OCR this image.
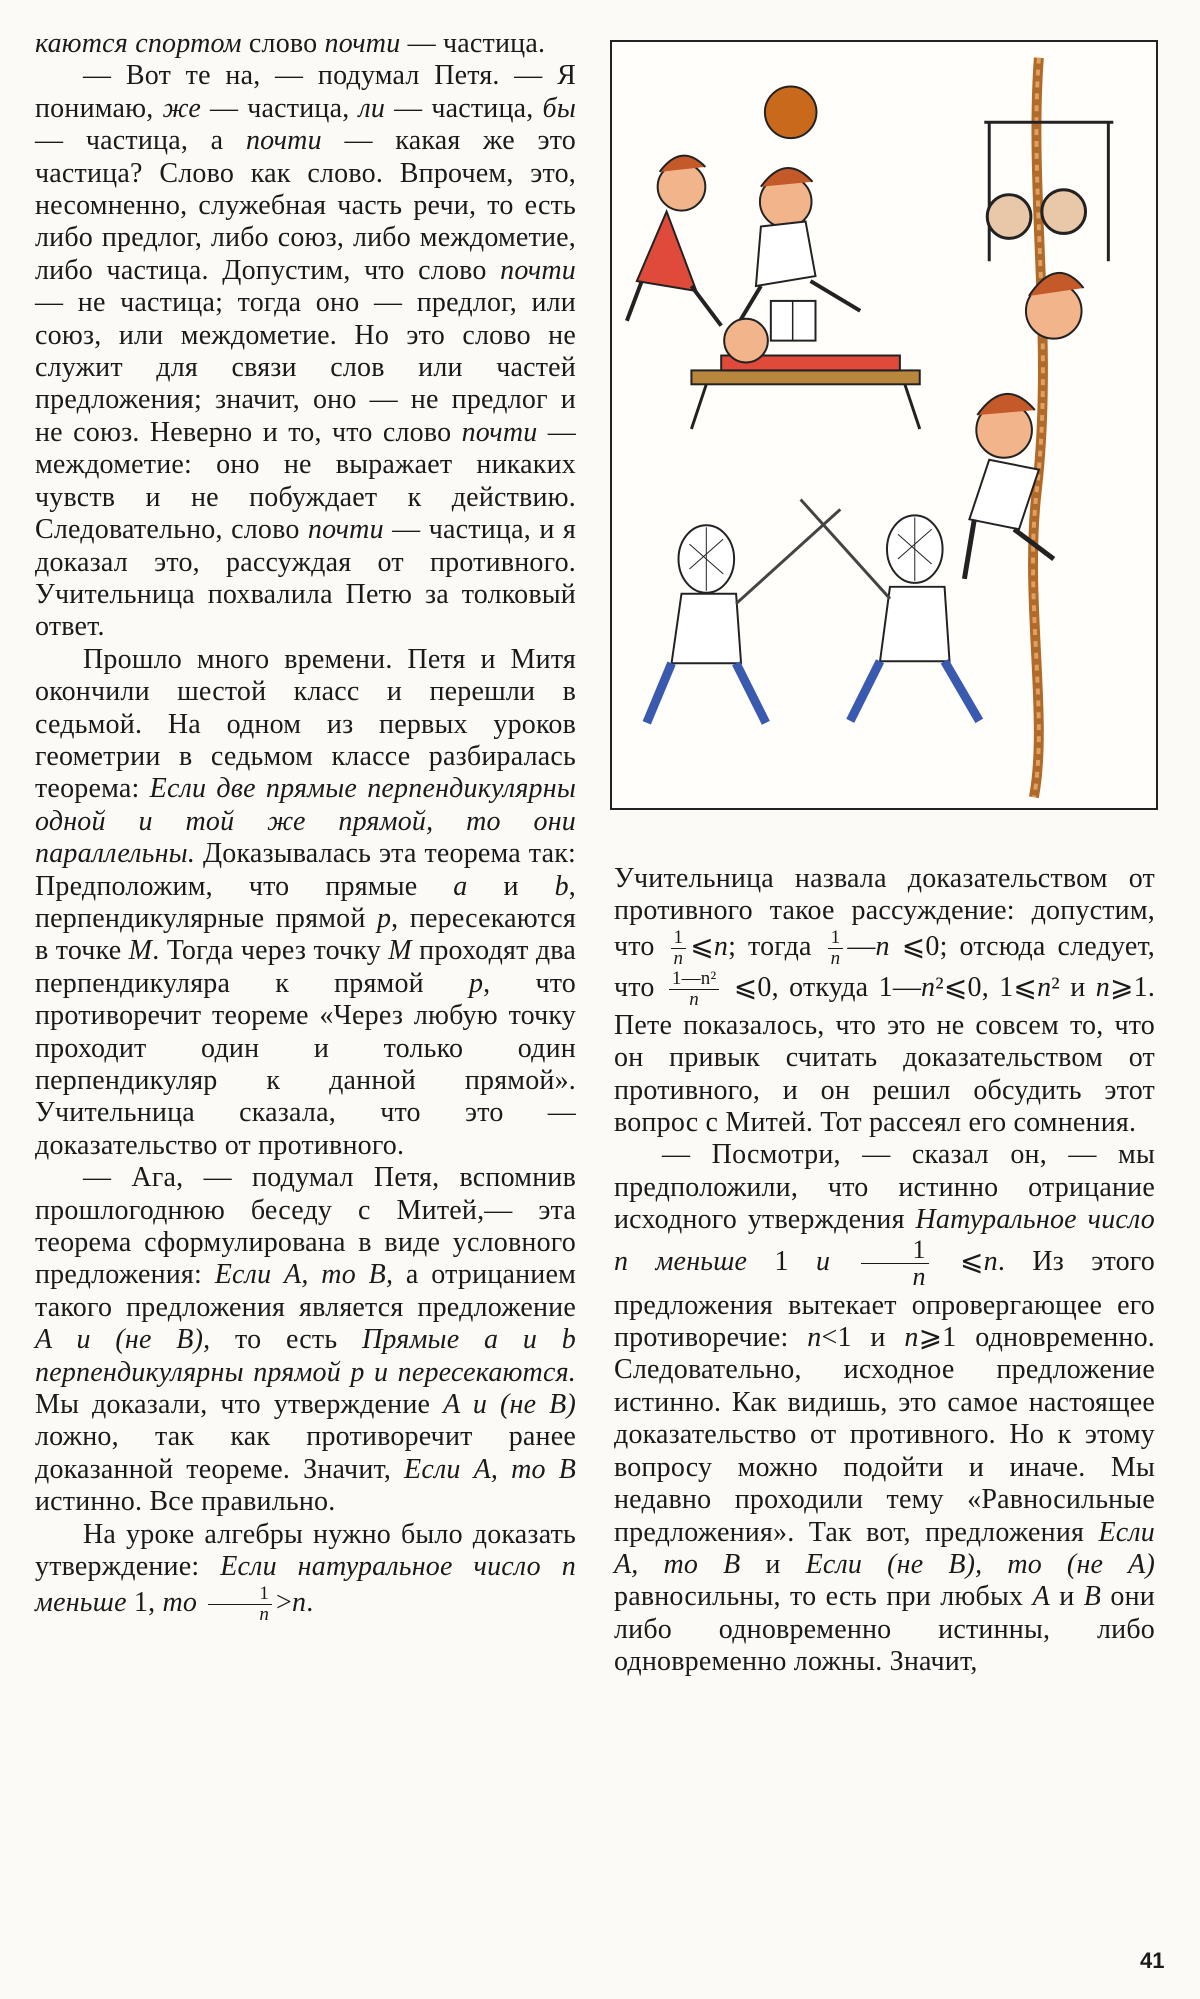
каются спортом слово почти — частица.

— Вот те на, — подумал Петя. — Я понимаю, же — частица, ли — частица, бы — частица, а почти — какая же это частица? Слово как слово. Впрочем, это, несомненно, служебная часть речи, то есть либо предлог, либо союз, либо междометие, либо частица. Допустим, что слово почти — не частица; тогда оно — предлог, или союз, или междометие. Но это слово не служит для связи слов или частей предложения; значит, оно — не предлог и не союз. Неверно и то, что слово почти — междометие: оно не выражает никаких чувств и не побуждает к действию. Следовательно, слово почти — частица, и я доказал это, рассуждая от противного. Учительница похвалила Петю за толковый ответ.

Прошло много времени. Петя и Митя окончили шестой класс и перешли в седьмой. На одном из первых уроков геометрии в седьмом классе разбиралась теорема: Если две прямые перпендикулярны одной и той же прямой, то они параллельны. Доказывалась эта теорема так: Предположим, что прямые a и b, перпендикулярные прямой p, пересекаются в точке M. Тогда через точку M проходят два перпендикуляра к прямой p, что противоречит теореме «Через любую точку проходит один и только один перпендикуляр к данной прямой». Учительница сказала, что это — доказательство от противного.

— Ага, — подумал Петя, вспомнив прошлогоднюю беседу с Митей,— эта теорема сформулирована в виде условного предложения: Если A, то B, а отрицанием такого предложения является предложение A и (не B), то есть Прямые a и b перпендикулярны прямой p и пересекаются. Мы доказали, что утверждение A и (не B) ложно, так как противоречит ранее доказанной теореме. Значит, Если A, то B истинно. Все правильно.

На уроке алгебры нужно было доказать утверждение: Если натуральное число n меньше 1, то $\frac{1}{n} >n$.

Учительница назвала доказательством от противного такое рассуждение: допустим, что $\frac{1}{n}$ ⩽n; тогда $\frac{1}{n}$ —n ⩽0; отсюда следует, что $\frac{\text{1—n²}}{n}$ ⩽0, откуда 1—n²⩽0, 1⩽n² и n⩾1. Пете показалось, что это не совсем то, что он привык считать доказательством от противного, и он решил обсудить этот вопрос с Митей. Тот рассеял его сомнения.

— Посмотри, — сказал он, — мы предположили, что истинно отрицание исходного утверждения Натуральное число n меньше 1 и $\frac{1}{n}$ ⩽n. Из этого предложения вытекает опровергающее его противоречие: n<1 и n⩾1 одновременно. Следовательно, исходное предложение истинно. Как видишь, это самое настоящее доказательство от противного. Но к этому вопросу можно подойти и иначе. Мы недавно проходили тему «Равносильные предложения». Так вот, предложения Если A, то B и Если (не B), то (не A) равносильны, то есть при любых A и B они либо одновременно истинны, либо одновременно ложны. Значит,

41
